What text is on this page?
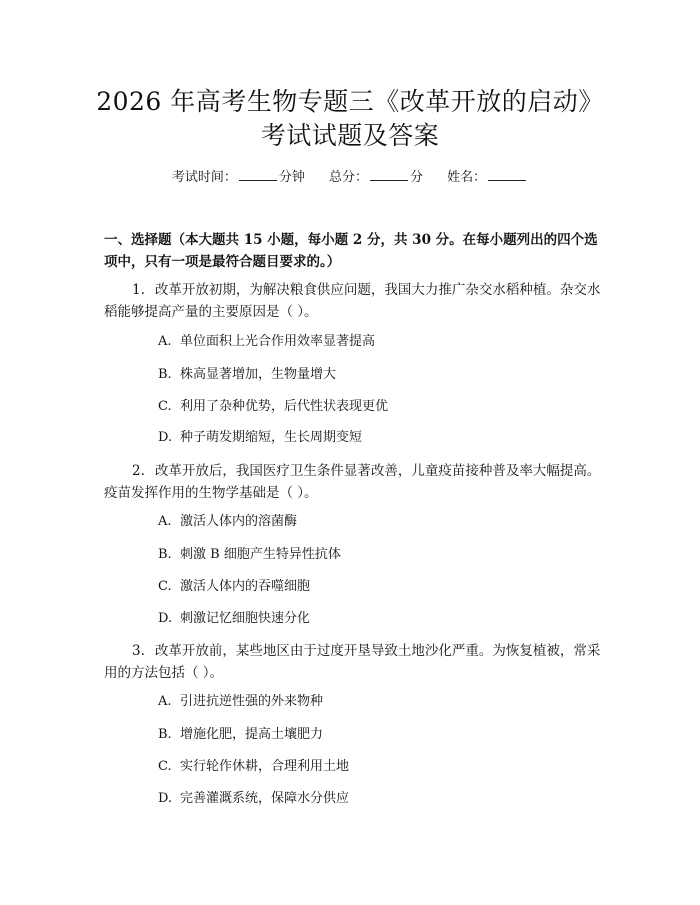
2026 年高考生物专题三《改革开放的启动》
考试试题及答案
考试时间：	分钟 总分：	分 姓名：
一、选择题（本大题共 15 小题，每小题 2 分，共 30 分。在每小题列出的四个选项中，只有一项是最符合题目要求的。）
1. 改革开放初期，为解决粮食供应问题，我国大力推广杂交水稻种植。杂交水稻能够提高产量的主要原因是（ ）。
A. 单位面积上光合作用效率显著提高
B. 株高显著增加，生物量增大
C. 利用了杂种优势，后代性状表现更优
D. 种子萌发期缩短，生长周期变短
2. 改革开放后，我国医疗卫生条件显著改善，儿童疫苗接种普及率大幅提高。疫苗发挥作用的生物学基础是（ ）。
A. 激活人体内的溶菌酶
B. 刺激 B 细胞产生特异性抗体
C. 激活人体内的吞噬细胞
D. 刺激记忆细胞快速分化
3. 改革开放前，某些地区由于过度开垦导致土地沙化严重。为恢复植被，常采用的方法包括（ ）。
A. 引进抗逆性强的外来物种
B. 增施化肥，提高土壤肥力
C. 实行轮作休耕，合理利用土地
D. 完善灌溉系统，保障水分供应
